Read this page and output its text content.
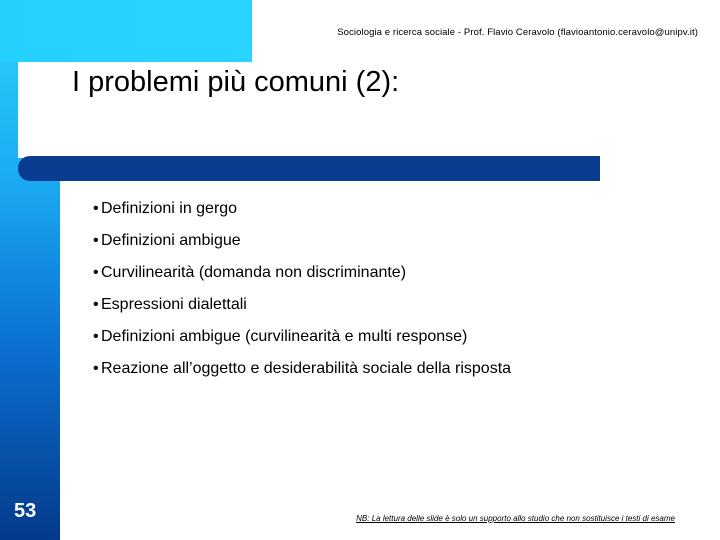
Sociologia e ricerca sociale - Prof. Flavio Ceravolo (flavioantonio.ceravolo@unipv.it)
I problemi più comuni (2):
• Definizioni in gergo
• Definizioni ambigue
• Curvilinearità (domanda non discriminante)
• Espressioni dialettali
• Definizioni ambigue (curvilinearità e multi response)
• Reazione all’oggetto e desiderabilità sociale della risposta
53	NB: La lettura delle slide è solo un supporto allo studio che non sostituisce i testi di esame
